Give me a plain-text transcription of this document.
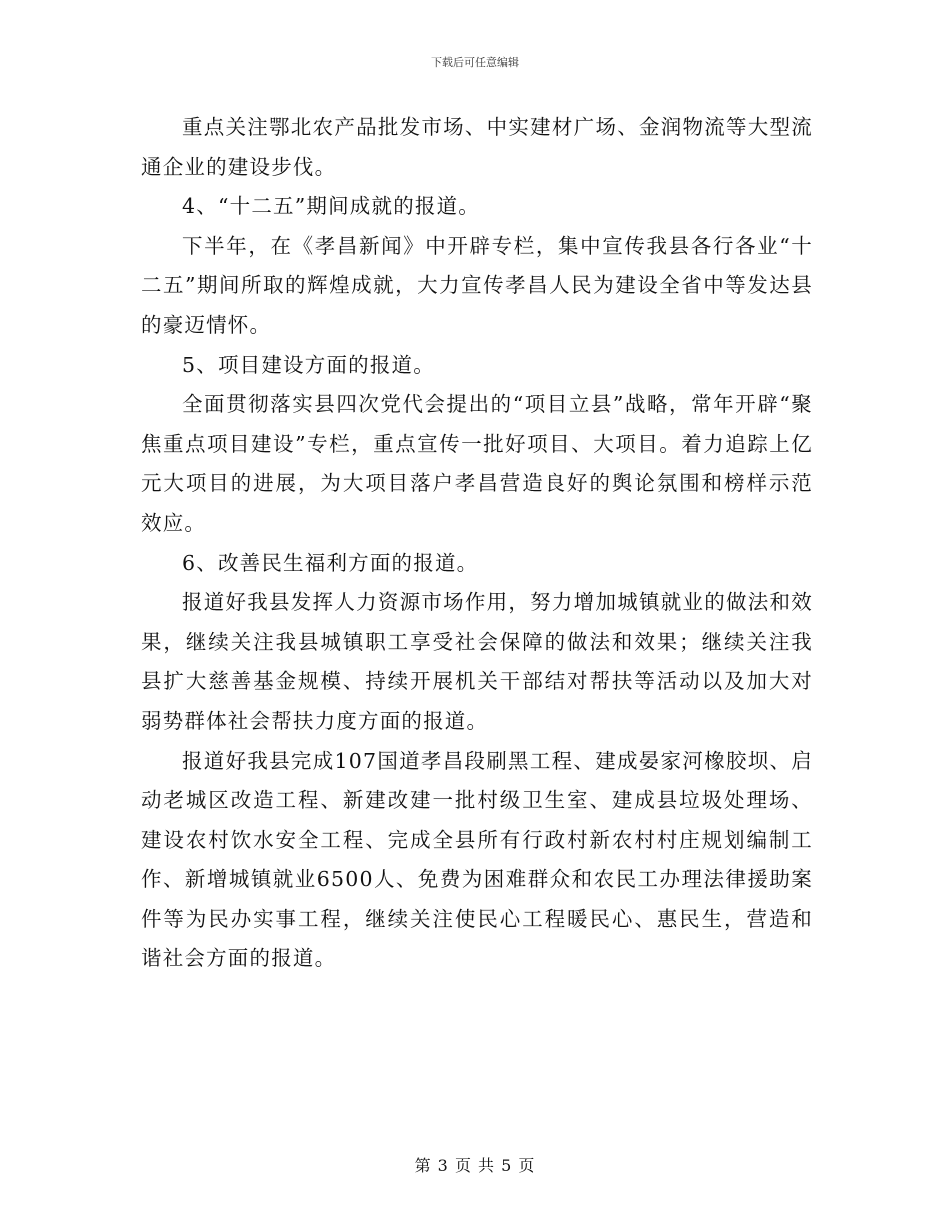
下载后可任意编辑

重点关注鄂北农产品批发市场、中实建材广场、金润物流等大型流通企业的建设步伐。

4、“十二五”期间成就的报道。

下半年，在《孝昌新闻》中开辟专栏，集中宣传我县各行各业“十二五”期间所取的辉煌成就，大力宣传孝昌人民为建设全省中等发达县的豪迈情怀。

5、项目建设方面的报道。

全面贯彻落实县四次党代会提出的“项目立县”战略，常年开辟“聚焦重点项目建设”专栏，重点宣传一批好项目、大项目。着力追踪上亿元大项目的进展，为大项目落户孝昌营造良好的舆论氛围和榜样示范效应。

6、改善民生福利方面的报道。

报道好我县发挥人力资源市场作用，努力增加城镇就业的做法和效果，继续关注我县城镇职工享受社会保障的做法和效果；继续关注我县扩大慈善基金规模、持续开展机关干部结对帮扶等活动以及加大对弱势群体社会帮扶力度方面的报道。

报道好我县完成107国道孝昌段刷黑工程、建成晏家河橡胶坝、启动老城区改造工程、新建改建一批村级卫生室、建成县垃圾处理场、建设农村饮水安全工程、完成全县所有行政村新农村村庄规划编制工作、新增城镇就业6500人、免费为困难群众和农民工办理法律援助案件等为民办实事工程，继续关注使民心工程暖民心、惠民生，营造和谐社会方面的报道。

第 3 页 共 5 页
